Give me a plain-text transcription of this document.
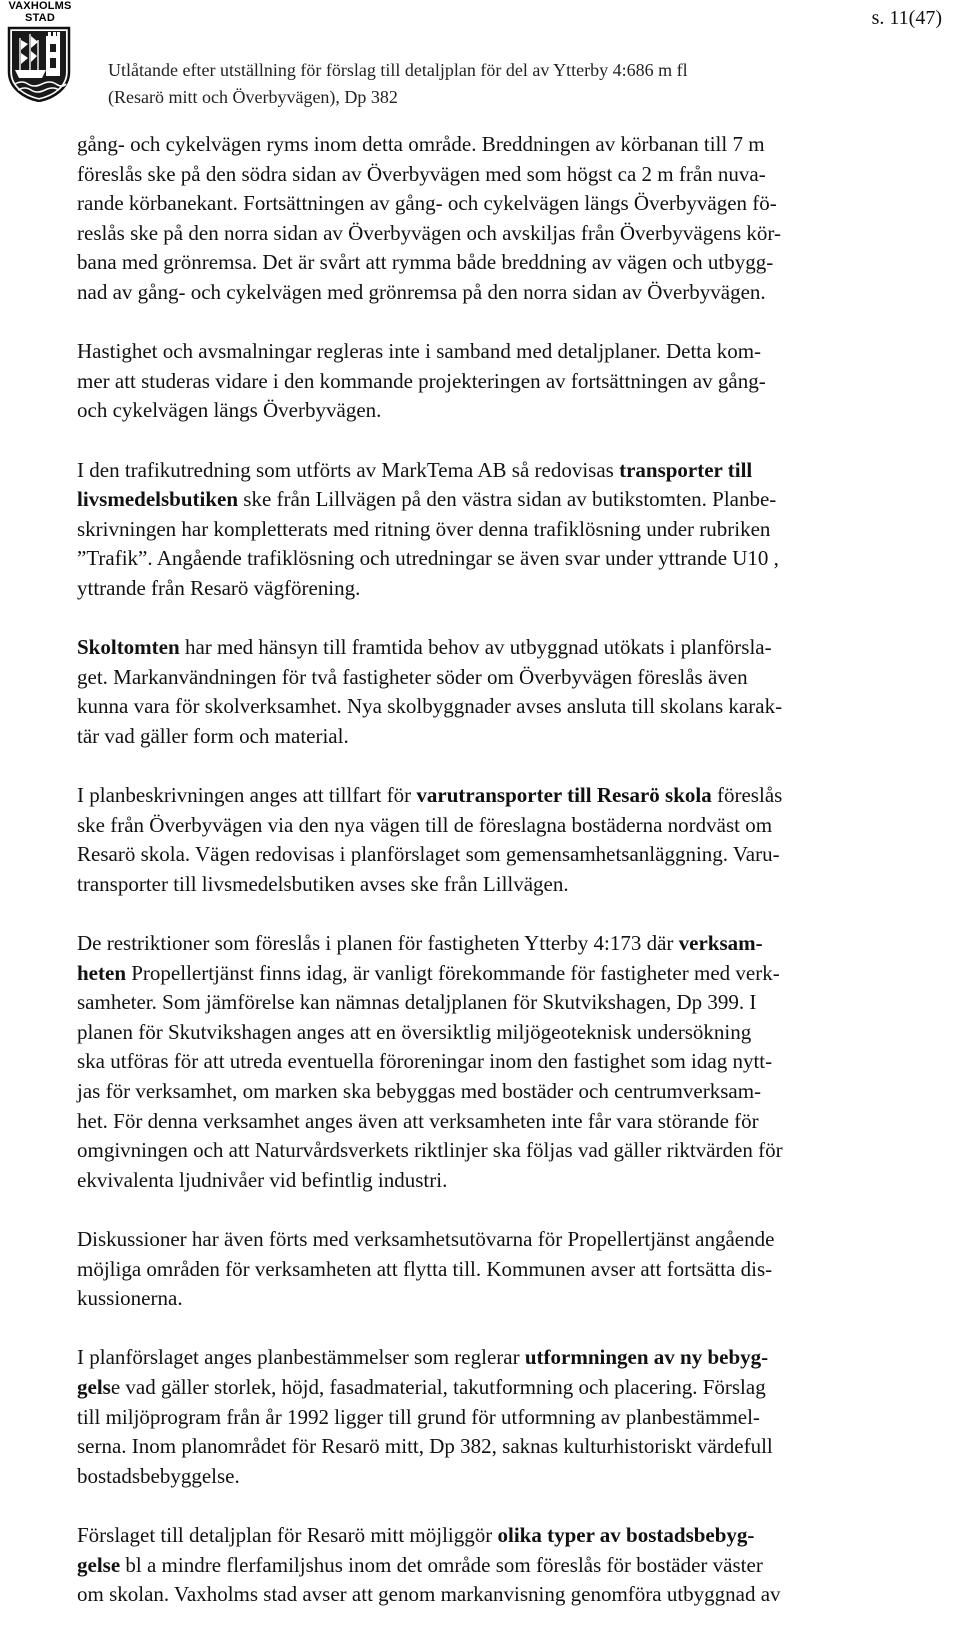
VAXHOLMS
STAD	s. 11(47)
Utlåtande efter utställning för förslag till detaljplan för del av Ytterby 4:686 m fl
(Resarö mitt och Överbyvägen), Dp 382

gång- och cykelvägen ryms inom detta område. Breddningen av körbanan till 7 m
föreslås ske på den södra sidan av Överbyvägen med som högst ca 2 m från nuva-
rande körbanekant. Fortsättningen av gång- och cykelvägen längs Överbyvägen fö-
reslås ske på den norra sidan av Överbyvägen och avskiljas från Överbyvägens kör-
bana med grönremsa. Det är svårt att rymma både breddning av vägen och utbygg-
nad av gång- och cykelvägen med grönremsa på den norra sidan av Överbyvägen.

Hastighet och avsmalningar regleras inte i samband med detaljplaner. Detta kom-
mer att studeras vidare i den kommande projekteringen av fortsättningen av gång-
och cykelvägen längs Överbyvägen.

I den trafikutredning som utförts av MarkTema AB så redovisas transporter till
livsmedelsbutiken ske från Lillvägen på den västra sidan av butikstomten. Planbe-
skrivningen har kompletterats med ritning över denna trafiklösning under rubriken
”Trafik”. Angående trafiklösning och utredningar se även svar under yttrande U10 ,
yttrande från Resarö vägförening.

Skoltomten har med hänsyn till framtida behov av utbyggnad utökats i planförsla-
get. Markanvändningen för två fastigheter söder om Överbyvägen föreslås även
kunna vara för skolverksamhet. Nya skolbyggnader avses ansluta till skolans karak-
tär vad gäller form och material.

I planbeskrivningen anges att tillfart för varutransporter till Resarö skola föreslås
ske från Överbyvägen via den nya vägen till de föreslagna bostäderna nordväst om
Resarö skola. Vägen redovisas i planförslaget som gemensamhetsanläggning. Varu-
transporter till livsmedelsbutiken avses ske från Lillvägen.

De restriktioner som föreslås i planen för fastigheten Ytterby 4:173 där verksam-
heten Propellertjänst finns idag, är vanligt förekommande för fastigheter med verk-
samheter. Som jämförelse kan nämnas detaljplanen för Skutvikshagen, Dp 399. I
planen för Skutvikshagen anges att en översiktlig miljögeoteknisk undersökning
ska utföras för att utreda eventuella föroreningar inom den fastighet som idag nytt-
jas för verksamhet, om marken ska bebyggas med bostäder och centrumverksam-
het. För denna verksamhet anges även att verksamheten inte får vara störande för
omgivningen och att Naturvårdsverkets riktlinjer ska följas vad gäller riktvärden för
ekvivalenta ljudnivåer vid befintlig industri.

Diskussioner har även förts med verksamhetsutövarna för Propellertjänst angående
möjliga områden för verksamheten att flytta till. Kommunen avser att fortsätta dis-
kussionerna.

I planförslaget anges planbestämmelser som reglerar utformningen av ny bebyg-
gelse vad gäller storlek, höjd, fasadmaterial, takutformning och placering. Förslag
till miljöprogram från år 1992 ligger till grund för utformning av planbestämmel-
serna. Inom planområdet för Resarö mitt, Dp 382, saknas kulturhistoriskt värdefull
bostadsbebyggelse.

Förslaget till detaljplan för Resarö mitt möjliggör olika typer av bostadsbebyg-
gelse bl a mindre flerfamiljshus inom det område som föreslås för bostäder väster
om skolan. Vaxholms stad avser att genom markanvisning genomföra utbyggnad av
